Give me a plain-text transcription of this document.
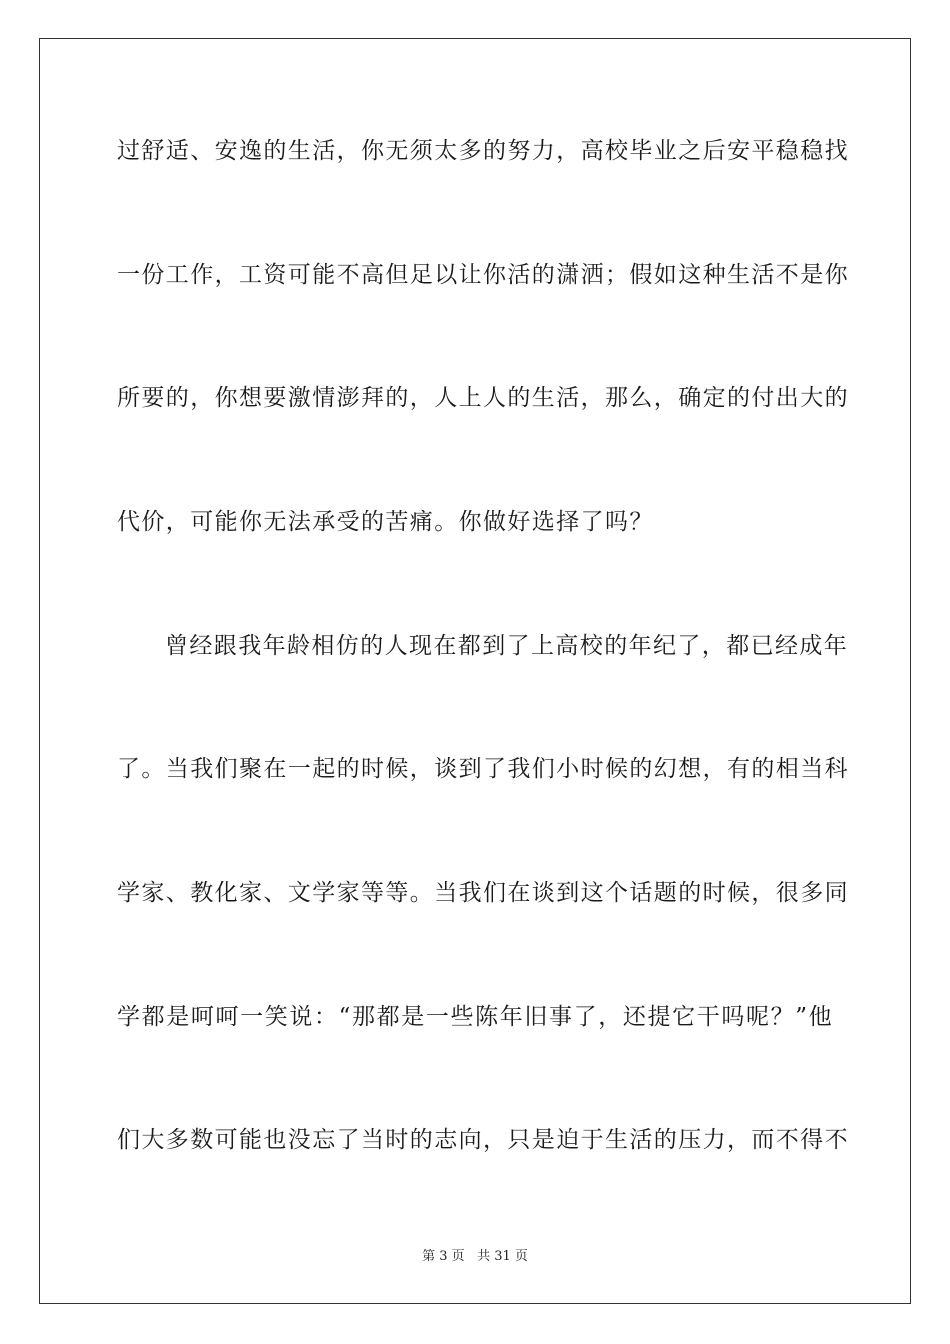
过舒适、安逸的生活，你无须太多的努力，高校毕业之后安平稳稳找
一份工作，工资可能不高但足以让你活的潇洒；假如这种生活不是你
所要的，你想要激情澎拜的，人上人的生活，那么，确定的付出大的
代价，可能你无法承受的苦痛。你做好选择了吗？
曾经跟我年龄相仿的人现在都到了上高校的年纪了，都已经成年
了。当我们聚在一起的时候，谈到了我们小时候的幻想，有的相当科
学家、教化家、文学家等等。当我们在谈到这个话题的时候，很多同
学都是呵呵一笑说：“那都是一些陈年旧事了，还提它干吗呢？”他
们大多数可能也没忘了当时的志向，只是迫于生活的压力，而不得不
第 3 页 共 31 页
